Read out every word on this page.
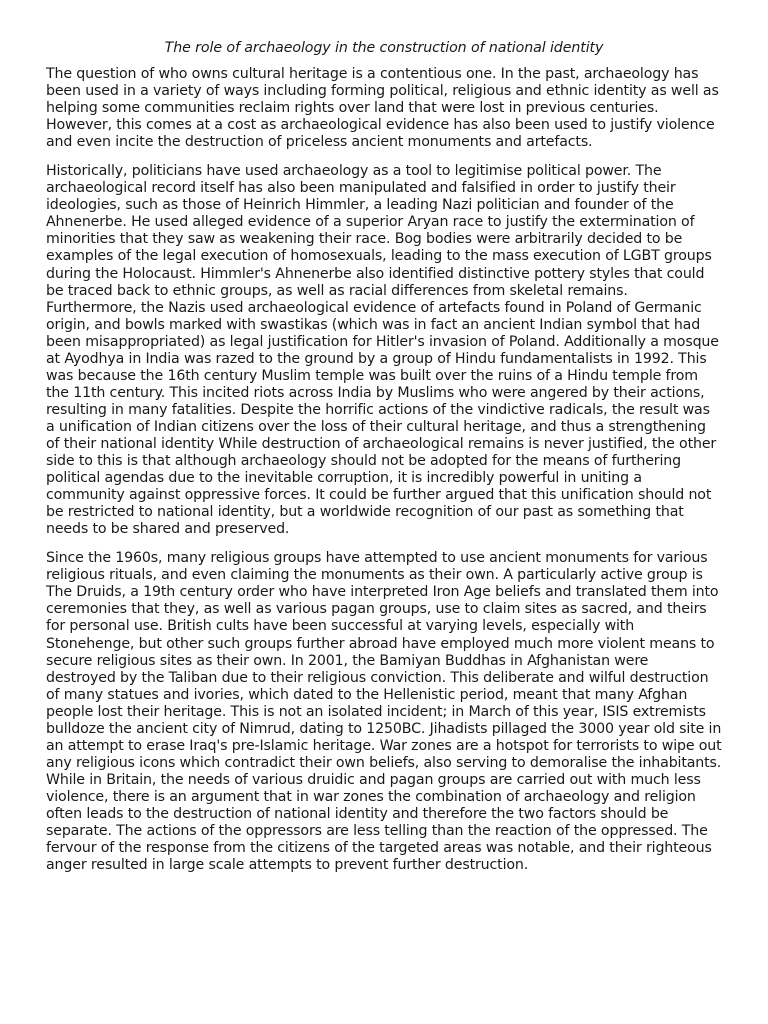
The role of archaeology in the construction of national identity

The question of who owns cultural heritage is a contentious one. In the past, archaeology has been used in a variety of ways including forming political, religious and ethnic identity as well as helping some communities reclaim rights over land that were lost in previous centuries. However, this comes at a cost as archaeological evidence has also been used to justify violence and even incite the destruction of priceless ancient monuments and artefacts.

Historically, politicians have used archaeology as a tool to legitimise political power. The archaeological record itself has also been manipulated and falsified in order to justify their ideologies, such as those of Heinrich Himmler, a leading Nazi politician and founder of the Ahnenerbe. He used alleged evidence of a superior Aryan race to justify the extermination of minorities that they saw as weakening their race. Bog bodies were arbitrarily decided to be examples of the legal execution of homosexuals, leading to the mass execution of LGBT groups during the Holocaust. Himmler's Ahnenerbe also identified distinctive pottery styles that could be traced back to ethnic groups, as well as racial differences from skeletal remains. Furthermore, the Nazis used archaeological evidence of artefacts found in Poland of Germanic origin, and bowls marked with swastikas (which was in fact an ancient Indian symbol that had been misappropriated) as legal justification for Hitler's invasion of Poland. Additionally a mosque at Ayodhya in India was razed to the ground by a group of Hindu fundamentalists in 1992. This was because the 16th century Muslim temple was built over the ruins of a Hindu temple from the 11th century. This incited riots across India by Muslims who were angered by their actions, resulting in many fatalities. Despite the horrific actions of the vindictive radicals, the result was a unification of Indian citizens over the loss of their cultural heritage, and thus a strengthening of their national identity While destruction of archaeological remains is never justified, the other side to this is that although archaeology should not be adopted for the means of furthering political agendas due to the inevitable corruption, it is incredibly powerful in uniting a community against oppressive forces. It could be further argued that this unification should not be restricted to national identity, but a worldwide recognition of our past as something that needs to be shared and preserved.

Since the 1960s, many religious groups have attempted to use ancient monuments for various religious rituals, and even claiming the monuments as their own. A particularly active group is The Druids, a 19th century order who have interpreted Iron Age beliefs and translated them into ceremonies that they, as well as various pagan groups, use to claim sites as sacred, and theirs for personal use. British cults have been successful at varying levels, especially with Stonehenge, but other such groups further abroad have employed much more violent means to secure religious sites as their own. In 2001, the Bamiyan Buddhas in Afghanistan were destroyed by the Taliban due to their religious conviction. This deliberate and wilful destruction of many statues and ivories, which dated to the Hellenistic period, meant that many Afghan people lost their heritage. This is not an isolated incident; in March of this year, ISIS extremists bulldoze the ancient city of Nimrud, dating to 1250BC. Jihadists pillaged the 3000 year old site in an attempt to erase Iraq's pre-Islamic heritage. War zones are a hotspot for terrorists to wipe out any religious icons which contradict their own beliefs, also serving to demoralise the inhabitants. While in Britain, the needs of various druidic and pagan groups are carried out with much less violence, there is an argument that in war zones the combination of archaeology and religion often leads to the destruction of national identity and therefore the two factors should be separate. The actions of the oppressors are less telling than the reaction of the oppressed. The fervour of the response from the citizens of the targeted areas was notable, and their righteous anger resulted in large scale attempts to prevent further destruction.
